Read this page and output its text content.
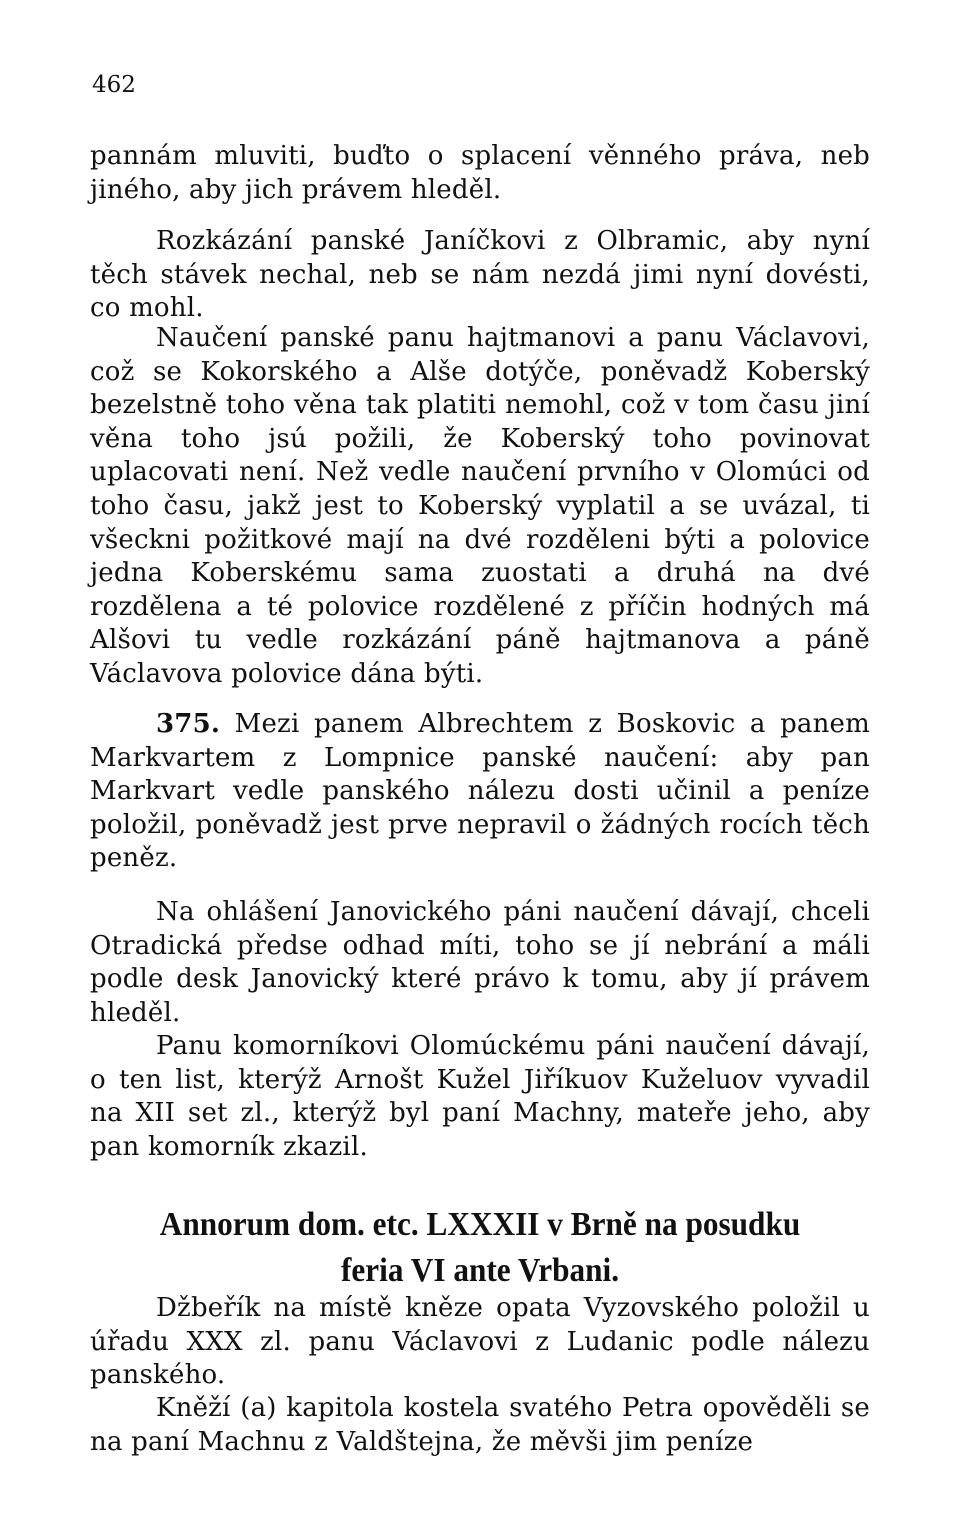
462

pannám mluviti, buďto o splacení věnného práva, neb jiného, aby jich právem hleděl.

Rozkázání panské Janíčkovi z Olbramic, aby nyní těch stávek nechal, neb se nám nezdá jimi nyní dovésti, co mohl.

Naučení panské panu hajtmanovi a panu Václavovi, což se Kokorského a Alše dotýče, poněvadž Koberský bezelstně toho věna tak platiti nemohl, což v tom času jiní věna toho jsú požili, že Koberský toho povinovat uplacovati není. Než vedle naučení prvního v Olomúci od toho času, jakž jest to Koberský vyplatil a se uvázal, ti všeckni požitkové mají na dvé rozděleni býti a polovice jedna Koberskému sama zuostati a druhá na dvé rozdělena a té polovice rozdělené z příčin hodných má Alšovi tu vedle rozkázání páně hajtmanova a páně Václavova polovice dána býti.

375. Mezi panem Albrechtem z Boskovic a panem Markvartem z Lompnice panské naučení: aby pan Markvart vedle panského nálezu dosti učinil a peníze položil, poněvadž jest prve nepravil o žádných rocích těch peněz.

Na ohlášení Janovického páni naučení dávají, chceli Otradická předse odhad míti, toho se jí nebrání a máli podle desk Janovický které právo k tomu, aby jí právem hleděl.

Panu komorníkovi Olomúckému páni naučení dávají, o ten list, kterýž Arnošt Kužel Jiříkuov Kuželuov vyvadil na XII set zl., kterýž byl paní Machny, mateře jeho, aby pan komorník zkazil.

Annorum dom. etc. LXXXII v Brně na posudku
feria VI ante Vrbani.

Džbeřík na místě kněze opata Vyzovského položil u úřadu XXX zl. panu Václavovi z Ludanic podle nálezu panského.

Kněží (a) kapitola kostela svatého Petra opověděli se na paní Machnu z Valdštejna, že měvši jim peníze
